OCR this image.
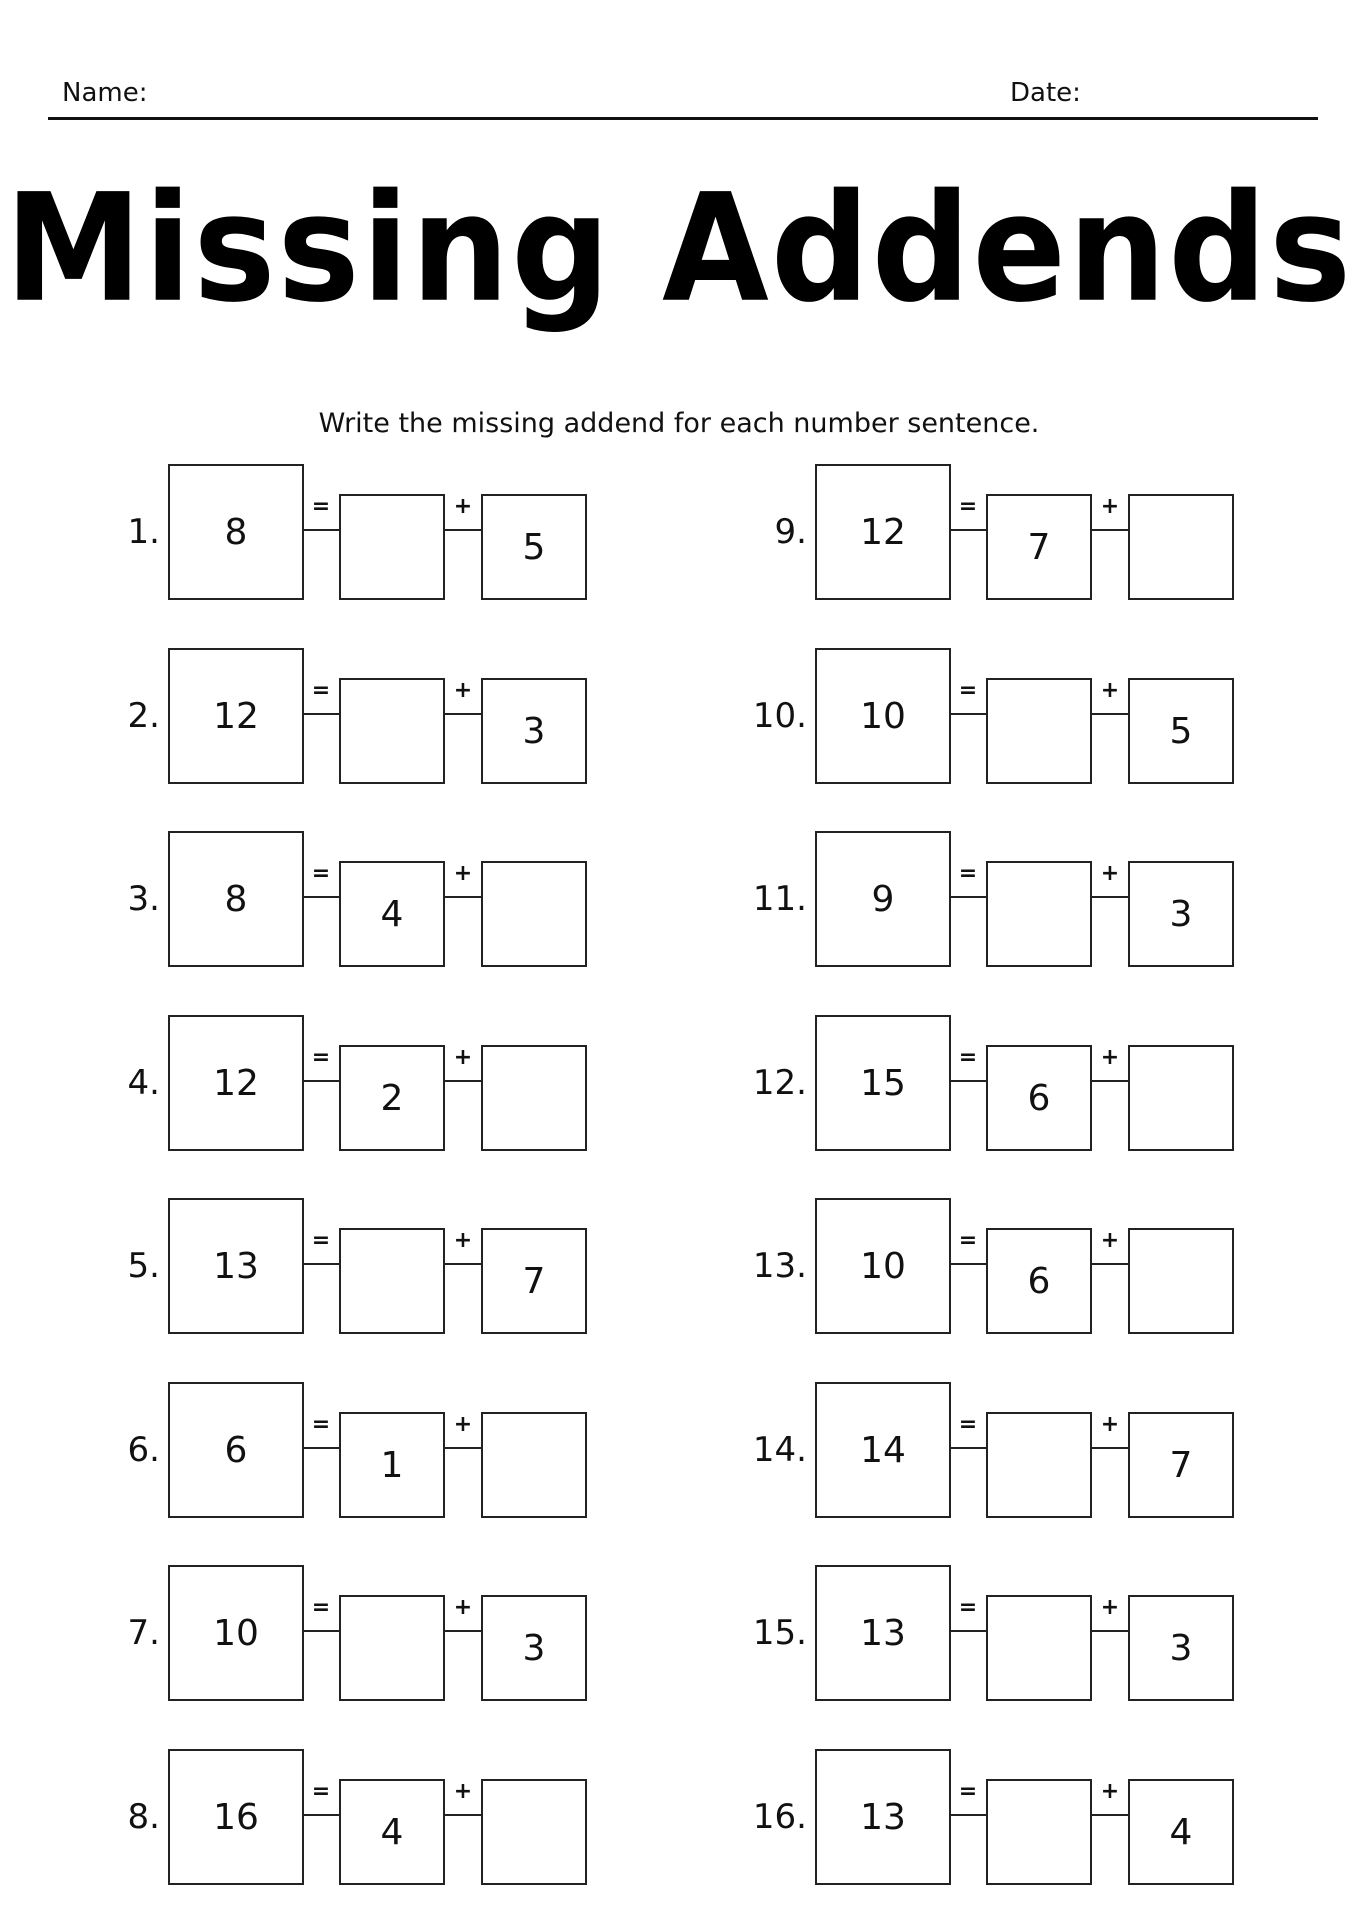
Name:	Date:
Missing Addends
Write the missing addend for each number sentence.
1.	8
=	+
5
2.	12
=	+
3
3.	8
=
4
+
4.	12
=
2
+
5.	13
=	+
7
6.	6
=
1
+
7.	10
=	+
3
8.	16
=
4
+
9.	12
=
7
+
10.	10
=	+
5
11.	9
=	+
3
12.	15
=
6
+
13.	10
=
6
+
14.	14
=	+
7
15.	13
=	+
3
16.	13
=	+
4
